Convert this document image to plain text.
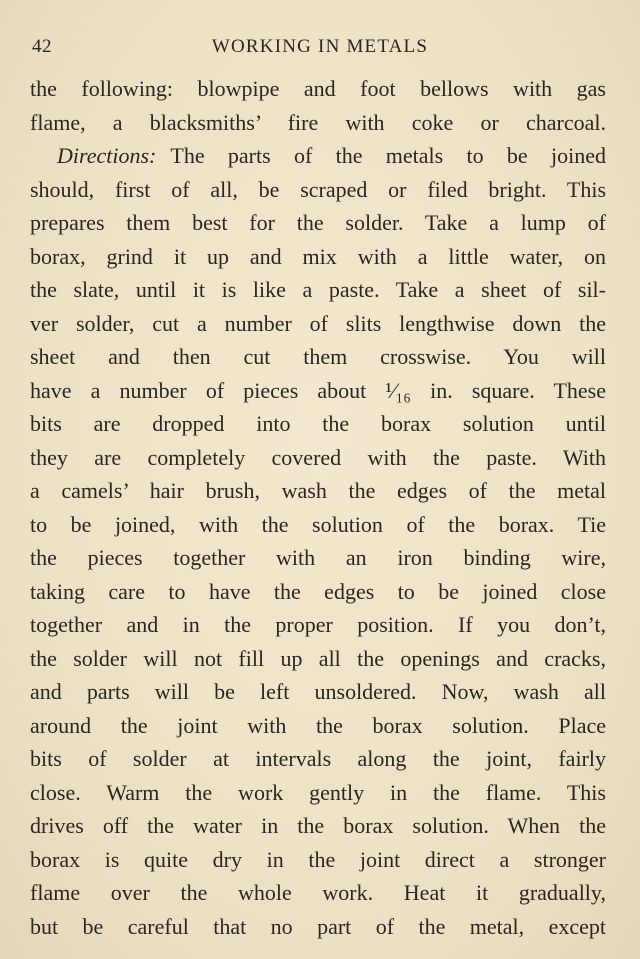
42	WORKING IN METALS
the following: blowpipe and foot bellows with gas
flame, a blacksmiths’ fire with coke or charcoal.
Directions: The parts of the metals to be joined
should, first of all, be scraped or filed bright. This
prepares them best for the solder. Take a lump of
borax, grind it up and mix with a little water, on
the slate, until it is like a paste. Take a sheet of sil-
ver solder, cut a number of slits lengthwise down the
sheet and then cut them crosswise. You will
have a number of pieces about ¹⁄₁₆ in. square. These
bits are dropped into the borax solution until
they are completely covered with the paste. With
a camels’ hair brush, wash the edges of the metal
to be joined, with the solution of the borax. Tie
the pieces together with an iron binding wire,
taking care to have the edges to be joined close
together and in the proper position. If you don’t,
the solder will not fill up all the openings and cracks,
and parts will be left unsoldered. Now, wash all
around the joint with the borax solution. Place
bits of solder at intervals along the joint, fairly
close. Warm the work gently in the flame. This
drives off the water in the borax solution. When the
borax is quite dry in the joint direct a stronger
flame over the whole work. Heat it gradually,
but be careful that no part of the metal, except
